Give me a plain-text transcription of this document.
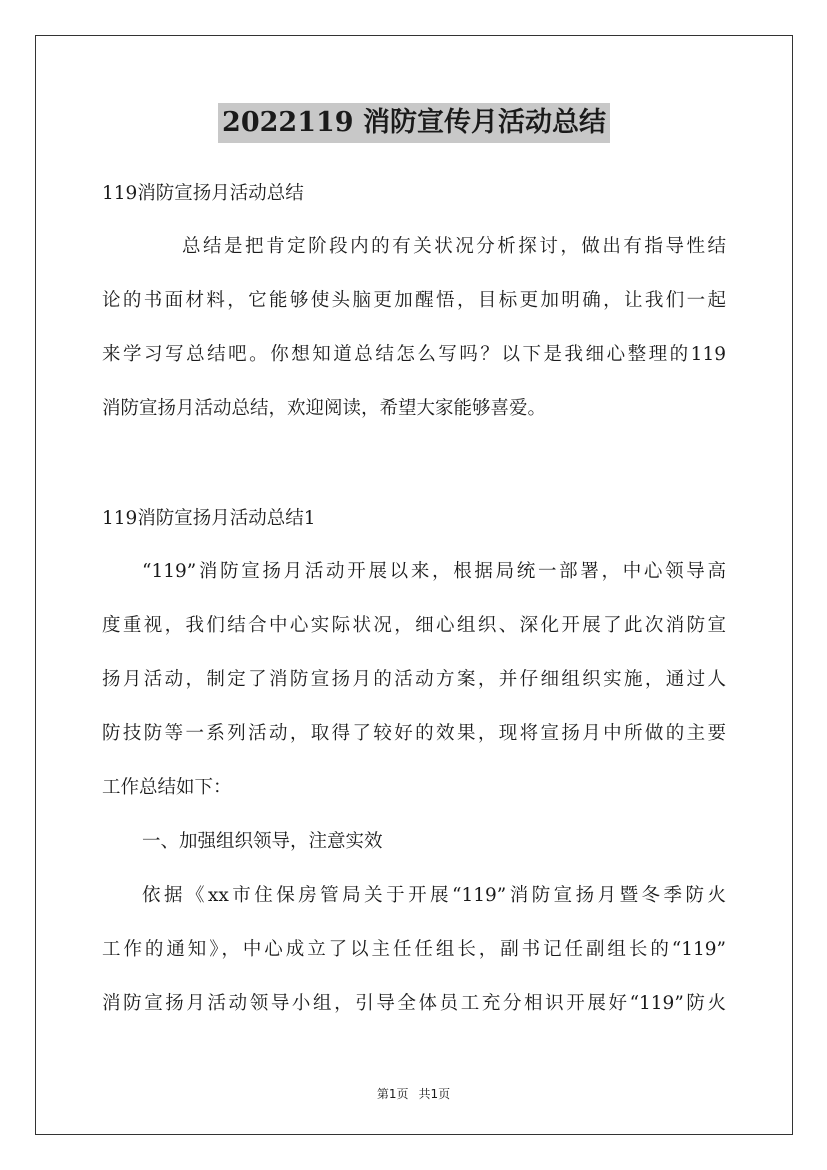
2022119 消防宣传月活动总结
119消防宣扬月活动总结
总结是把肯定阶段内的有关状况分析探讨，做出有指导性结
论的书面材料，它能够使头脑更加醒悟，目标更加明确，让我们一起
来学习写总结吧。你想知道总结怎么写吗？以下是我细心整理的119
消防宣扬月活动总结，欢迎阅读，希望大家能够喜爱。
119消防宣扬月活动总结1
“119”消防宣扬月活动开展以来，根据局统一部署，中心领导高
度重视，我们结合中心实际状况，细心组织、深化开展了此次消防宣
扬月活动，制定了消防宣扬月的活动方案，并仔细组织实施，通过人
防技防等一系列活动，取得了较好的效果，现将宣扬月中所做的主要
工作总结如下：
一、加强组织领导，注意实效
依据《xx市住保房管局关于开展“119”消防宣扬月暨冬季防火
工作的通知》，中心成立了以主任任组长，副书记任副组长的“119”
消防宣扬月活动领导小组，引导全体员工充分相识开展好“119”防火
第1页 共1页
